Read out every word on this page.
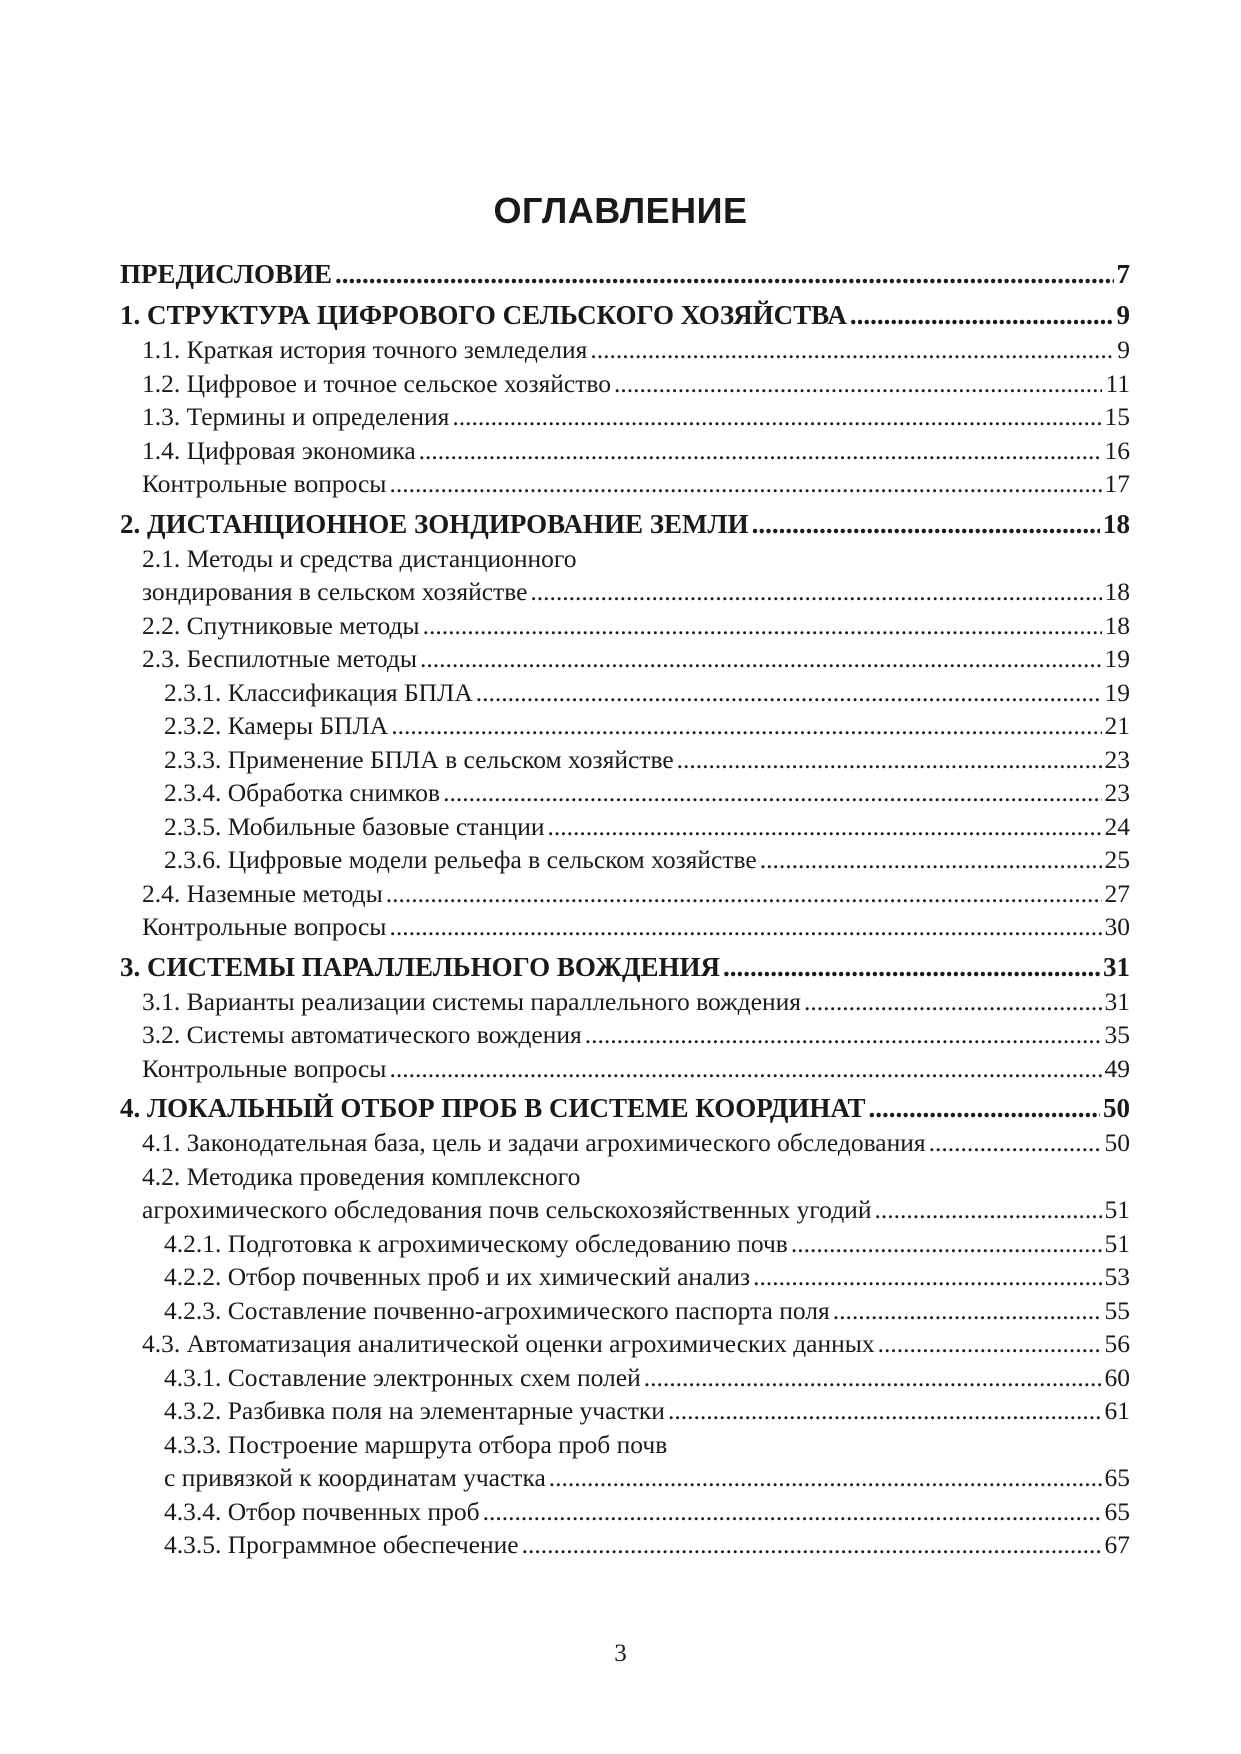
ОГЛАВЛЕНИЕ
ПРЕДИСЛОВИЕ .....	7
1. СТРУКТУРА ЦИФРОВОГО СЕЛЬСКОГО ХОЗЯЙСТВА .....	9
1.1. Краткая история точного земледелия .....	9
1.2. Цифровое и точное сельское хозяйство .....	11
1.3. Термины и определения .....	15
1.4. Цифровая экономика .....	16
Контрольные вопросы .....	17
2. ДИСТАНЦИОННОЕ ЗОНДИРОВАНИЕ ЗЕМЛИ .....	18
2.1. Методы и средства дистанционного
зондирования в сельском хозяйстве .....	18
2.2. Спутниковые методы .....	18
2.3. Беспилотные методы .....	19
2.3.1. Классификация БПЛА .....	19
2.3.2. Камеры БПЛА .....	21
2.3.3. Применение БПЛА в сельском хозяйстве .....	23
2.3.4. Обработка снимков .....	23
2.3.5. Мобильные базовые станции .....	24
2.3.6. Цифровые модели рельефа в сельском хозяйстве .....	25
2.4. Наземные методы .....	27
Контрольные вопросы .....	30
3. СИСТЕМЫ ПАРАЛЛЕЛЬНОГО ВОЖДЕНИЯ .....	31
3.1. Варианты реализации системы параллельного вождения .....	31
3.2. Системы автоматического вождения .....	35
Контрольные вопросы .....	49
4. ЛОКАЛЬНЫЙ ОТБОР ПРОБ В СИСТЕМЕ КООРДИНАТ .....	50
4.1. Законодательная база, цель и задачи агрохимического обследования .....	50
4.2. Методика проведения комплексного
агрохимического обследования почв сельскохозяйственных угодий .....	51
4.2.1. Подготовка к агрохимическому обследованию почв .....	51
4.2.2. Отбор почвенных проб и их химический анализ .....	53
4.2.3. Составление почвенно-агрохимического паспорта поля .....	55
4.3. Автоматизация аналитической оценки агрохимических данных .....	56
4.3.1. Составление электронных схем полей .....	60
4.3.2. Разбивка поля на элементарные участки .....	61
4.3.3. Построение маршрута отбора проб почв
с привязкой к координатам участка .....	65
4.3.4. Отбор почвенных проб .....	65
4.3.5. Программное обеспечение .....	67
3
